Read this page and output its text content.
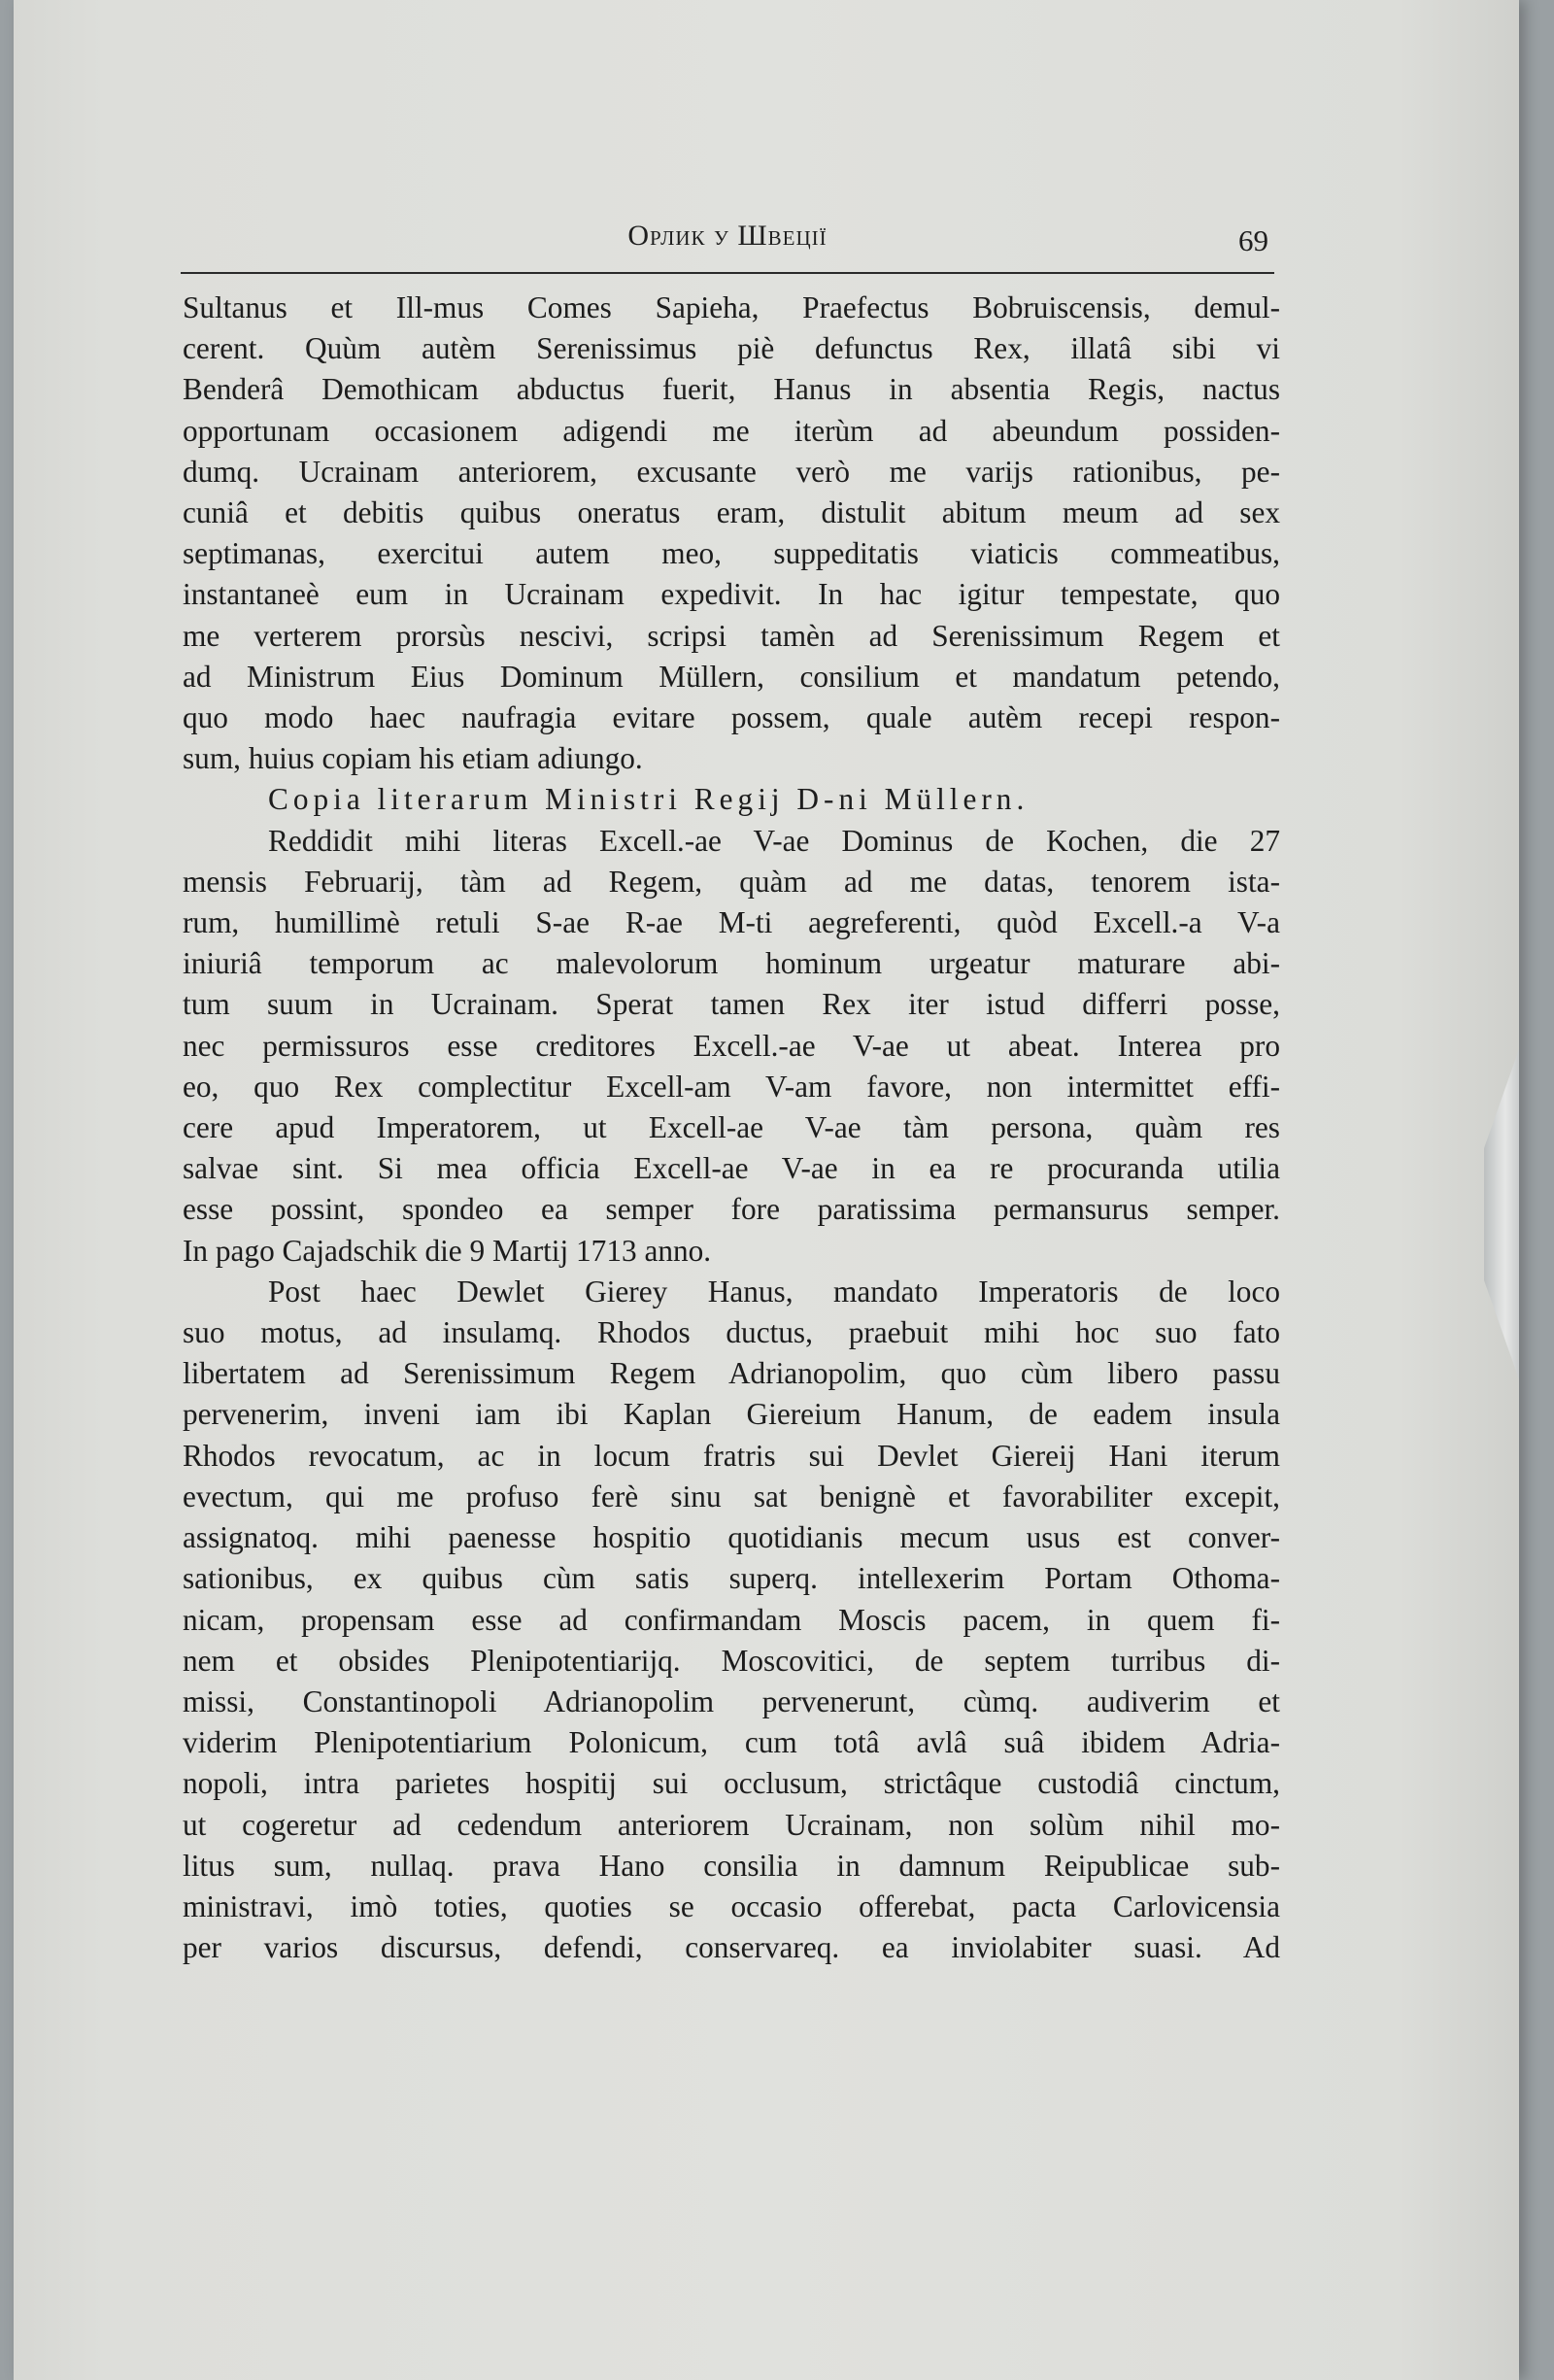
Орлик у Швеції	69
Sultanus et Ill-mus Comes Sapieha, Praefectus Bobruiscensis, demul-
cerent. Quùm autèm Serenissimus piè defunctus Rex, illatâ sibi vi
Benderâ Demothicam abductus fuerit, Hanus in absentia Regis, nactus
opportunam occasionem adigendi me iterùm ad abeundum possiden-
dumq. Ucrainam anteriorem, excusante verò me varijs rationibus, pe-
cuniâ et debitis quibus oneratus eram, distulit abitum meum ad sex
septimanas, exercitui autem meo, suppeditatis viaticis commeatibus,
instantaneè eum in Ucrainam expedivit. In hac igitur tempestate, quo
me verterem prorsùs nescivi, scripsi tamèn ad Serenissimum Regem et
ad Ministrum Eius Dominum Müllern, consilium et mandatum petendo,
quo modo haec naufragia evitare possem, quale autèm recepi respon-
sum, huius copiam his etiam adiungo.
Copia literarum Ministri Regij D-ni Müllern.
Reddidit mihi literas Excell.-ae V-ae Dominus de Kochen, die 27
mensis Februarij, tàm ad Regem, quàm ad me datas, tenorem ista-
rum, humillimè retuli S-ae R-ae M-ti aegreferenti, quòd Excell.-a V-a
iniuriâ temporum ac malevolorum hominum urgeatur maturare abi-
tum suum in Ucrainam. Sperat tamen Rex iter istud differri posse,
nec permissuros esse creditores Excell.-ae V-ae ut abeat. Interea pro
eo, quo Rex complectitur Excell-am V-am favore, non intermittet effi-
cere apud Imperatorem, ut Excell-ae V-ae tàm persona, quàm res
salvae sint. Si mea officia Excell-ae V-ae in ea re procuranda utilia
esse possint, spondeo ea semper fore paratissima permansurus semper.
In pago Cajadschik die 9 Martij 1713 anno.
Post haec Dewlet Gierey Hanus, mandato Imperatoris de loco
suo motus, ad insulamq. Rhodos ductus, praebuit mihi hoc suo fato
libertatem ad Serenissimum Regem Adrianopolim, quo cùm libero passu
pervenerim, inveni iam ibi Kaplan Giereium Hanum, de eadem insula
Rhodos revocatum, ac in locum fratris sui Devlet Giereij Hani iterum
evectum, qui me profuso ferè sinu sat benignè et favorabiliter excepit,
assignatoq. mihi paenesse hospitio quotidianis mecum usus est conver-
sationibus, ex quibus cùm satis superq. intellexerim Portam Othoma-
nicam, propensam esse ad confirmandam Moscis pacem, in quem fi-
nem et obsides Plenipotentiarijq. Moscovitici, de septem turribus di-
missi, Constantinopoli Adrianopolim pervenerunt, cùmq. audiverim et
viderim Plenipotentiarium Polonicum, cum totâ avlâ suâ ibidem Adria-
nopoli, intra parietes hospitij sui occlusum, strictâque custodiâ cinctum,
ut cogeretur ad cedendum anteriorem Ucrainam, non solùm nihil mo-
litus sum, nullaq. prava Hano consilia in damnum Reipublicae sub-
ministravi, imò toties, quoties se occasio offerebat, pacta Carlovicensia
per varios discursus, defendi, conservareq. ea inviolabiter suasi. Ad
